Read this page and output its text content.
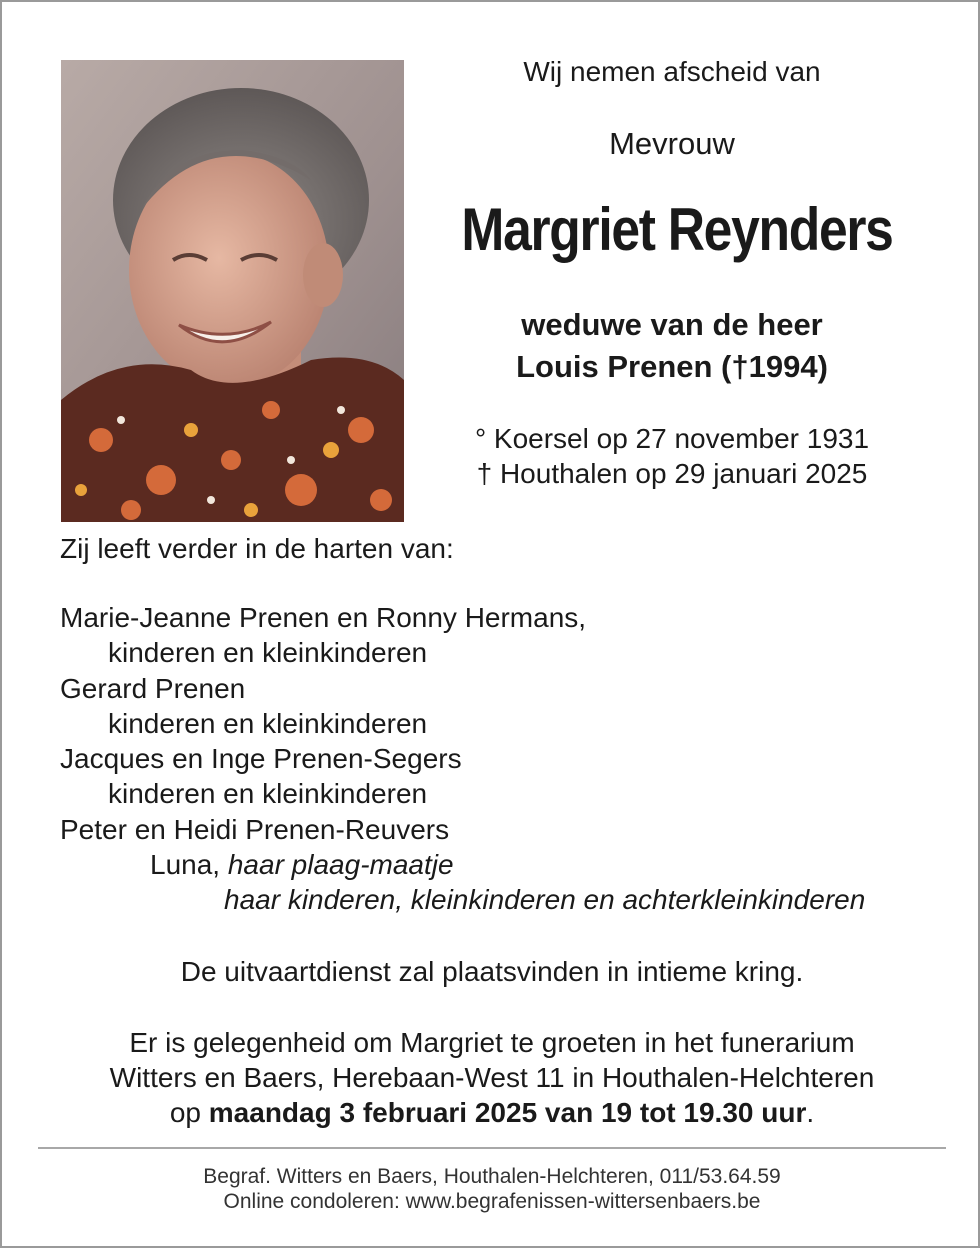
Wij nemen afscheid van
Mevrouw
Margriet Reynders
weduwe van de heer
Louis Prenen (†1994)
° Koersel op 27 november 1931
† Houthalen op 29 januari 2025
Zij leeft verder in de harten van:
Marie-Jeanne Prenen en Ronny Hermans,
kinderen en kleinkinderen
Gerard Prenen
kinderen en kleinkinderen
Jacques en Inge Prenen-Segers
kinderen en kleinkinderen
Peter en Heidi Prenen-Reuvers
Luna, haar plaag-maatje
haar kinderen, kleinkinderen en achterkleinkinderen
De uitvaartdienst zal plaatsvinden in intieme kring.
Er is gelegenheid om Margriet te groeten in het funerarium
Witters en Baers, Herebaan-West 11 in Houthalen-Helchteren
op maandag 3 februari 2025 van 19 tot 19.30 uur.
Begraf. Witters en Baers, Houthalen-Helchteren, 011/53.64.59
Online condoleren: www.begrafenissen-wittersenbaers.be
